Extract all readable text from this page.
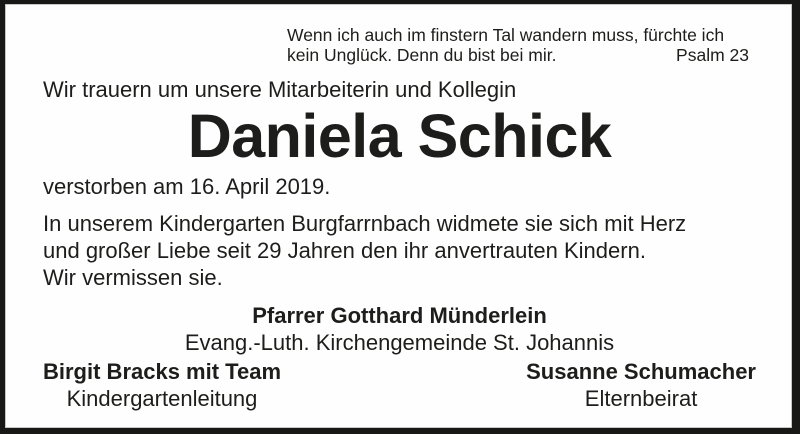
Wenn ich auch im finstern Tal wandern muss, fürchte ich
kein Unglück. Denn du bist bei mir.	Psalm 23
Wir trauern um unsere Mitarbeiterin und Kollegin
Daniela Schick
verstorben am 16. April 2019.
In unserem Kindergarten Burgfarrnbach widmete sie sich mit Herz
und großer Liebe seit 29 Jahren den ihr anvertrauten Kindern.
Wir vermissen sie.
Pfarrer Gotthard Münderlein
Evang.-Luth. Kirchengemeinde St. Johannis
Birgit Bracks mit Team
Kindergartenleitung
Susanne Schumacher
Elternbeirat
